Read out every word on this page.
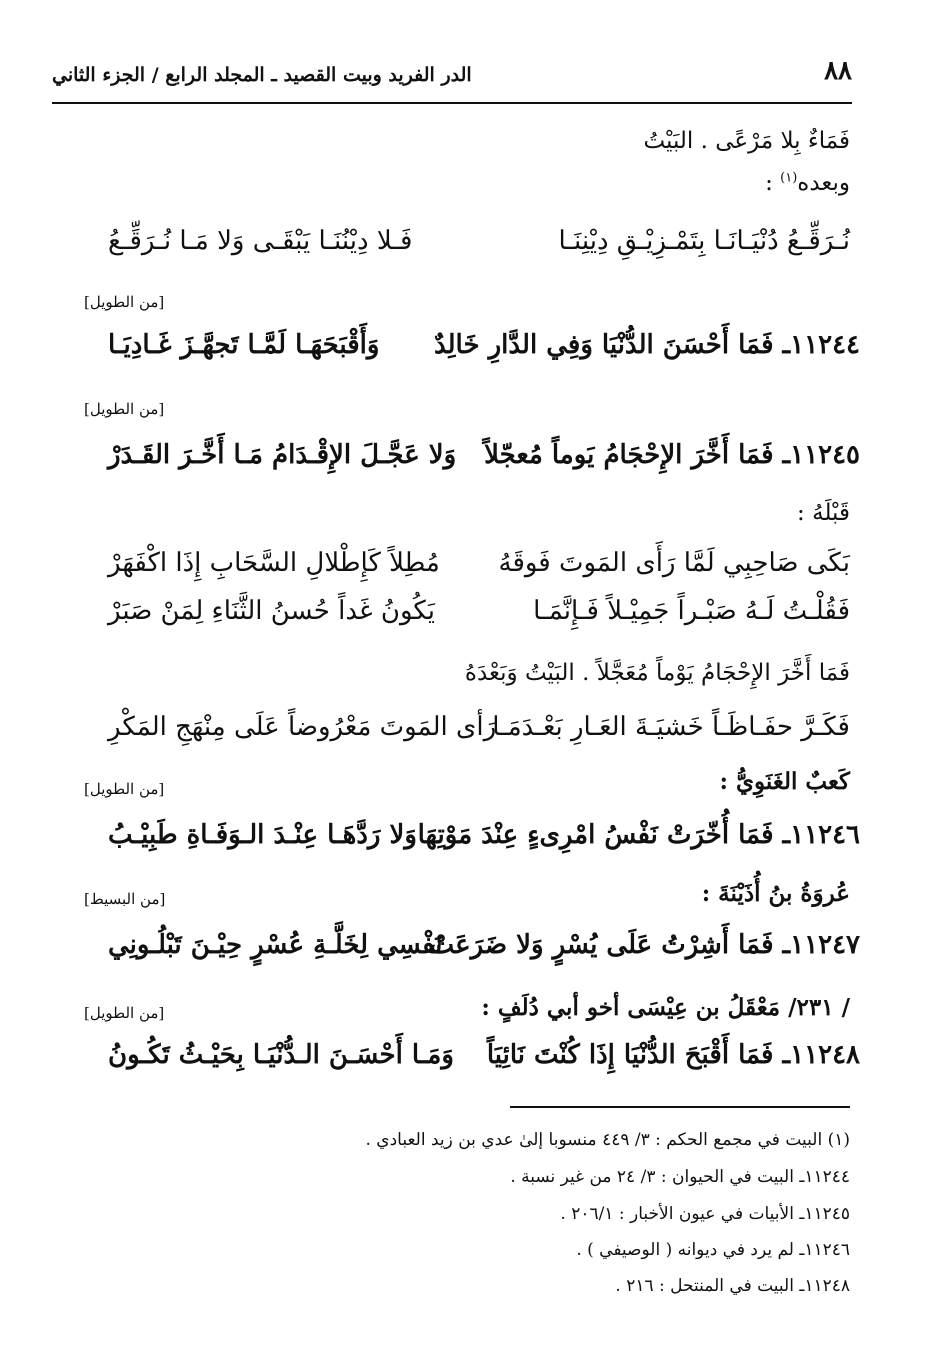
٨٨
الدر الفريد وبيت القصيد ـ المجلد الرابع / الجزء الثاني
فَمَاءٌ بِلا مَرْعًى . البَيْتُ
وبعده$^{(١)}$ :
نُـرَقِّـعُ دُنْيَـانَـا بِتَمْـزِيْـقِ دِيْنِنَـا
فَـلا دِيْنُنَـا يَبْقَـى وَلا مَـا نُـرَقِّـعُ
[من الطويل]
١١٢٤٤ـ فَمَا أَحْسَنَ الدُّنْيَا وَفِي الدَّارِ خَالِدٌ
وَأَقْبَحَهَـا لَمَّـا تَجهَّـزَ غَـادِيَـا
[من الطويل]
١١٢٤٥ـ فَمَا أَخَّرَ الإِحْجَامُ يَوماً مُعجّلاً
وَلا عَجَّـلَ الإِقْـدَامُ مَـا أَخَّـرَ القَـدَرْ
قَبْلَهُ :
بَكَى صَاحِبِي لَمَّا رَأَى المَوتَ فَوقَهُ
مُطِلاً كَإِطْلالِ السَّحَابِ إِذَا اكْفَهَرْ
فَقُلْـتُ لَـهُ صَبْـراً جَمِيْـلاً فَـإِنَّمَـا
يَكُونُ غَداً حُسنُ الثَّنَاءِ لِمَنْ صَبَرْ
فَمَا أَخَّرَ الإِحْجَامُ يَوْماً مُعَجَّلاً . البَيْتُ وَبَعْدَهُ
فَكَـرَّ حفَـاظَـاً خَشيَـةَ العَـارِ بَعْـدَمَـا
رَأى المَوتَ مَعْرُوضاً عَلَى مِنْهَجِ المَكْرِ
كَعبٌ الغَنَوِيُّ :
[من الطويل]
١١٢٤٦ـ فَمَا أُخّرَتْ نَفْسُ امْرِىءٍ عِنْدَ مَوْتِهَا
وَلا رَدَّهَـا عِنْـدَ الـوَفَـاةِ طَبِيْـبُ
عُروَةُ بنُ أُذَيْنَةَ :
[من البسيط]
١١٢٤٧ـ فَمَا أَشِرْتُ عَلَى يُسْرٍ وَلا ضَرَعَتْ
نَفْسِي لِخَلَّـةِ عُسْرٍ حِيْـنَ تَبْلُـونِي
/ ٢٣١/ مَعْقَلُ بن عِيْسَى أخو أبي دُلَفٍ :
[من الطويل]
١١٢٤٨ـ فَمَا أَقْبَحَ الدُّنْيَا إِذَا كُنْتَ نَائِيَاً
وَمَـا أَحْسَـنَ الـدُّنْيَـا بِحَيْـثُ تَكُـونُ
(١) البيت في مجمع الحكم : ٣/ ٤٤٩ منسوبا إلىٰ عدي بن زيد العبادي .
١١٢٤٤ـ البيت في الحيوان : ٣/ ٢٤ من غير نسبة .
١١٢٤٥ـ الأبيات في عيون الأخبار : ٢٠٦/١ .
١١٢٤٦ـ لم يرد في ديوانه ( الوصيفي ) .
١١٢٤٨ـ البيت في المنتحل : ٢١٦ .
